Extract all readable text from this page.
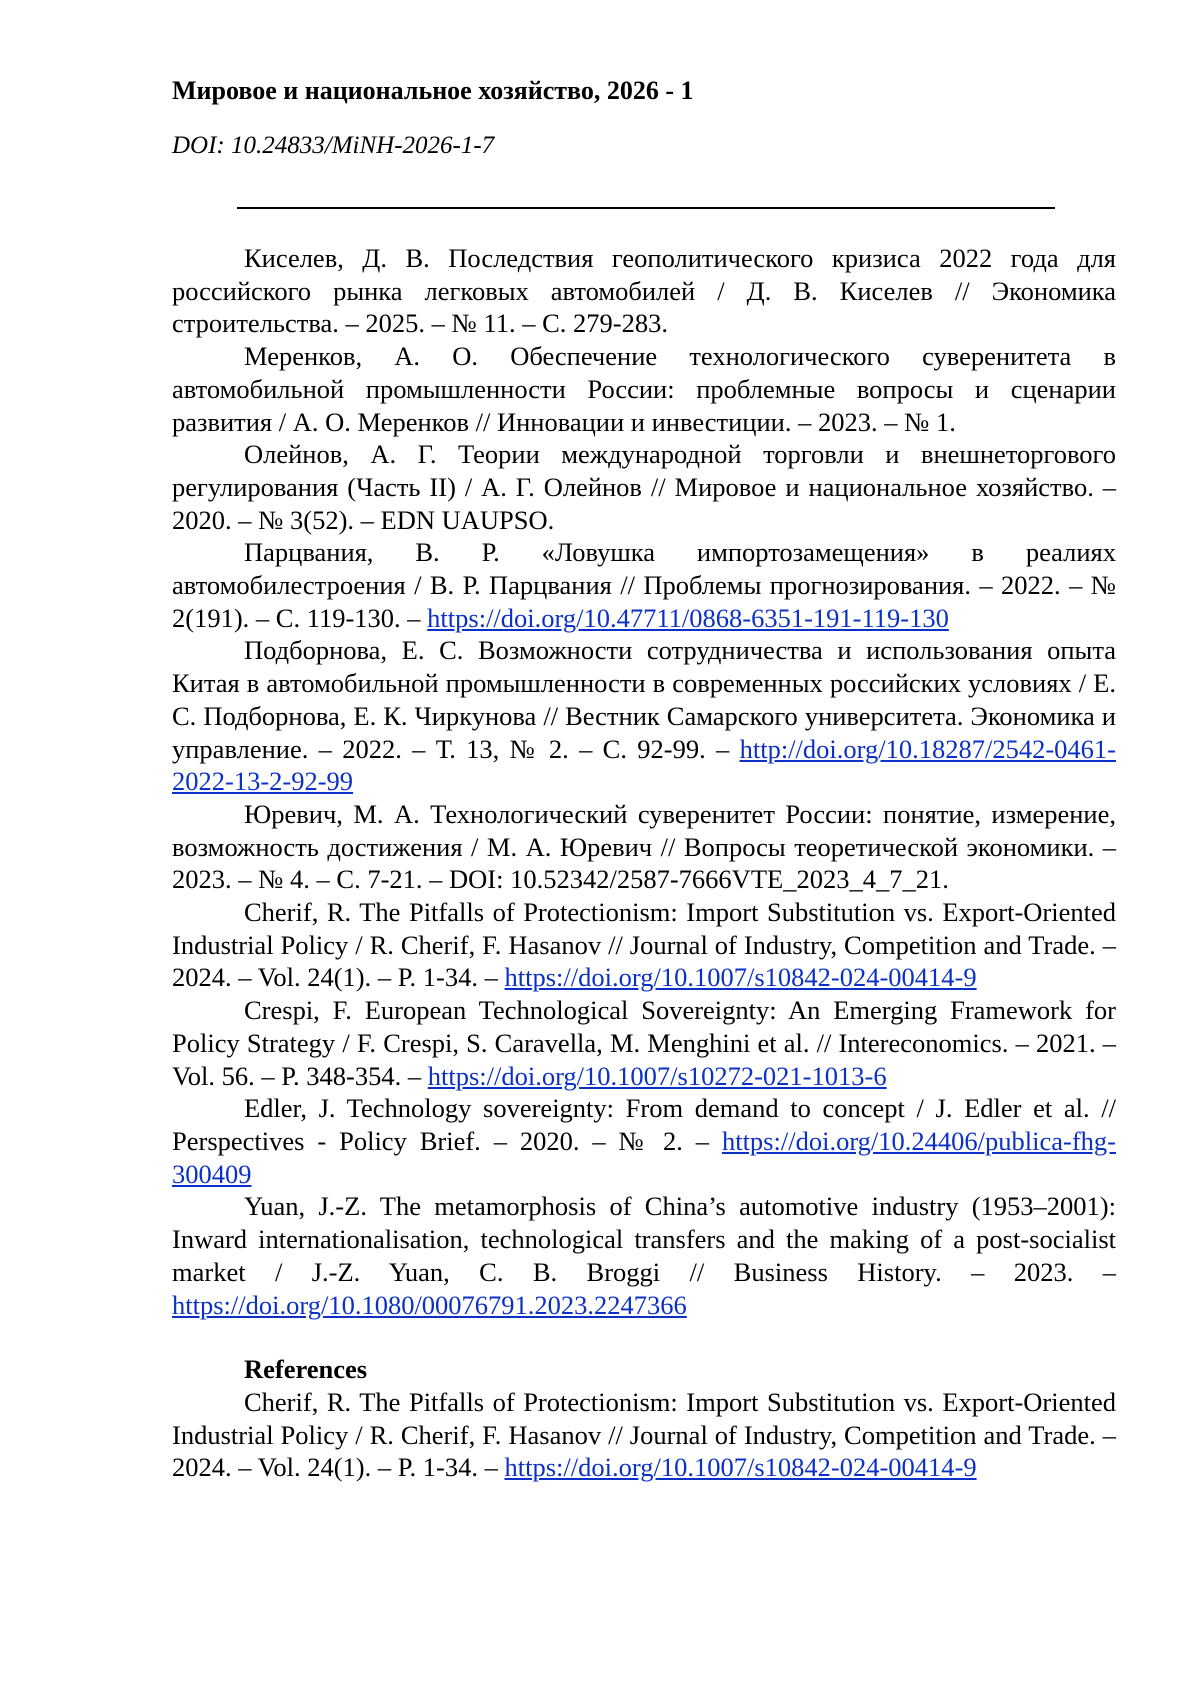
Мировое и национальное хозяйство, 2026 - 1
DOI: 10.24833/MiNH-2026-1-7

Киселев, Д. В. Последствия геополитического кризиса 2022 года для российского рынка легковых автомобилей / Д. В. Киселев // Экономика строительства. – 2025. – № 11. – С. 279-283.

Меренков, А. О. Обеспечение технологического суверенитета в автомобильной промышленности России: проблемные вопросы и сценарии развития / А. О. Меренков // Инновации и инвестиции. – 2023. – № 1.

Олейнов, А. Г. Теории международной торговли и внешнеторгового регулирования (Часть II) / А. Г. Олейнов // Мировое и национальное хозяйство. – 2020. – № 3(52). – EDN UAUPSO.

Парцвания, В. Р. «Ловушка импортозамещения» в реалиях автомобилестроения / В. Р. Парцвания // Проблемы прогнозирования. – 2022. – № 2(191). – С. 119-130. – https://doi.org/10.47711/0868-6351-191-119-130

Подборнова, Е. С. Возможности сотрудничества и использования опыта Китая в автомобильной промышленности в современных российских условиях / Е. С. Подборнова, Е. К. Чиркунова // Вестник Самарского университета. Экономика и управление. – 2022. – Т. 13, № 2. – С. 92-99. – http://doi.org/10.18287/2542-0461-2022-13-2-92-99

Юревич, М. А. Технологический суверенитет России: понятие, измерение, возможность достижения / М. А. Юревич // Вопросы теоретической экономики. – 2023. – № 4. – С. 7-21. – DOI: 10.52342/2587-7666VTE_2023_4_7_21.

Cherif, R. The Pitfalls of Protectionism: Import Substitution vs. Export-Oriented Industrial Policy / R. Cherif, F. Hasanov // Journal of Industry, Competition and Trade. – 2024. – Vol. 24(1). – P. 1-34. – https://doi.org/10.1007/s10842-024-00414-9

Crespi, F. European Technological Sovereignty: An Emerging Framework for Policy Strategy / F. Crespi, S. Caravella, M. Menghini et al. // Intereconomics. – 2021. – Vol. 56. – P. 348-354. – https://doi.org/10.1007/s10272-021-1013-6

Edler, J. Technology sovereignty: From demand to concept / J. Edler et al. // Perspectives - Policy Brief. – 2020. – № 2. – https://doi.org/10.24406/publica-fhg-300409

Yuan, J.-Z. The metamorphosis of China’s automotive industry (1953–2001): Inward internationalisation, technological transfers and the making of a post-socialist market / J.-Z. Yuan, C. B. Broggi // Business History. – 2023. – https://doi.org/10.1080/00076791.2023.2247366

References

Cherif, R. The Pitfalls of Protectionism: Import Substitution vs. Export-Oriented Industrial Policy / R. Cherif, F. Hasanov // Journal of Industry, Competition and Trade. – 2024. – Vol. 24(1). – P. 1-34. – https://doi.org/10.1007/s10842-024-00414-9
